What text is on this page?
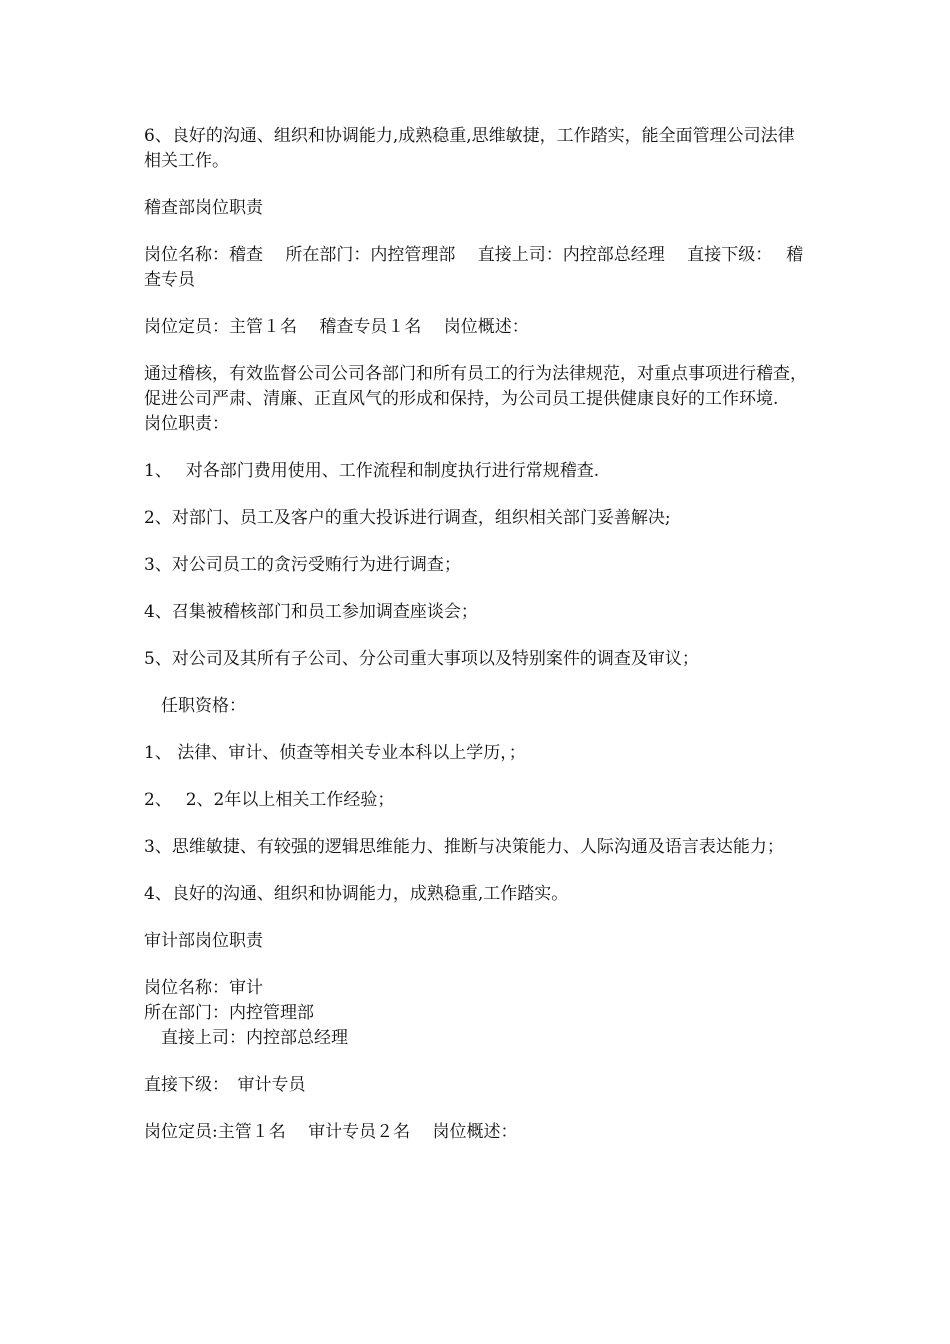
6、良好的沟通、组织和协调能力,成熟稳重,思维敏捷，工作踏实，能全面管理公司法律相关工作。

稽查部岗位职责

岗位名称：稽查　 所在部门：内控管理部　 直接上司：内控部总经理　 直接下级：　 稽查专员

岗位定员：主管１名　 稽查专员１名　 岗位概述：

通过稽核，有效监督公司公司各部门和所有员工的行为法律规范，对重点事项进行稽查，促进公司严肃、清廉、正直风气的形成和保持，为公司员工提供健康良好的工作环境.　岗位职责：

1、　 对各部门费用使用、工作流程和制度执行进行常规稽查.

2、对部门、员工及客户的重大投诉进行调查，组织相关部门妥善解决;

3、对公司员工的贪污受贿行为进行调查；

4、召集被稽核部门和员工参加调查座谈会；

5、对公司及其所有子公司、分公司重大事项以及特别案件的调查及审议；

　任职资格：

1、 法律、审计、侦查等相关专业本科以上学历，；

2、　 2、2年以上相关工作经验；

3、思维敏捷、有较强的逻辑思维能力、推断与决策能力、人际沟通及语言表达能力；

4、良好的沟通、组织和协调能力，成熟稳重,工作踏实。

审计部岗位职责

岗位名称：审计

所在部门：内控管理部

　直接上司：内控部总经理

直接下级：　审计专员

岗位定员:主管１名　 审计专员２名　 岗位概述：
